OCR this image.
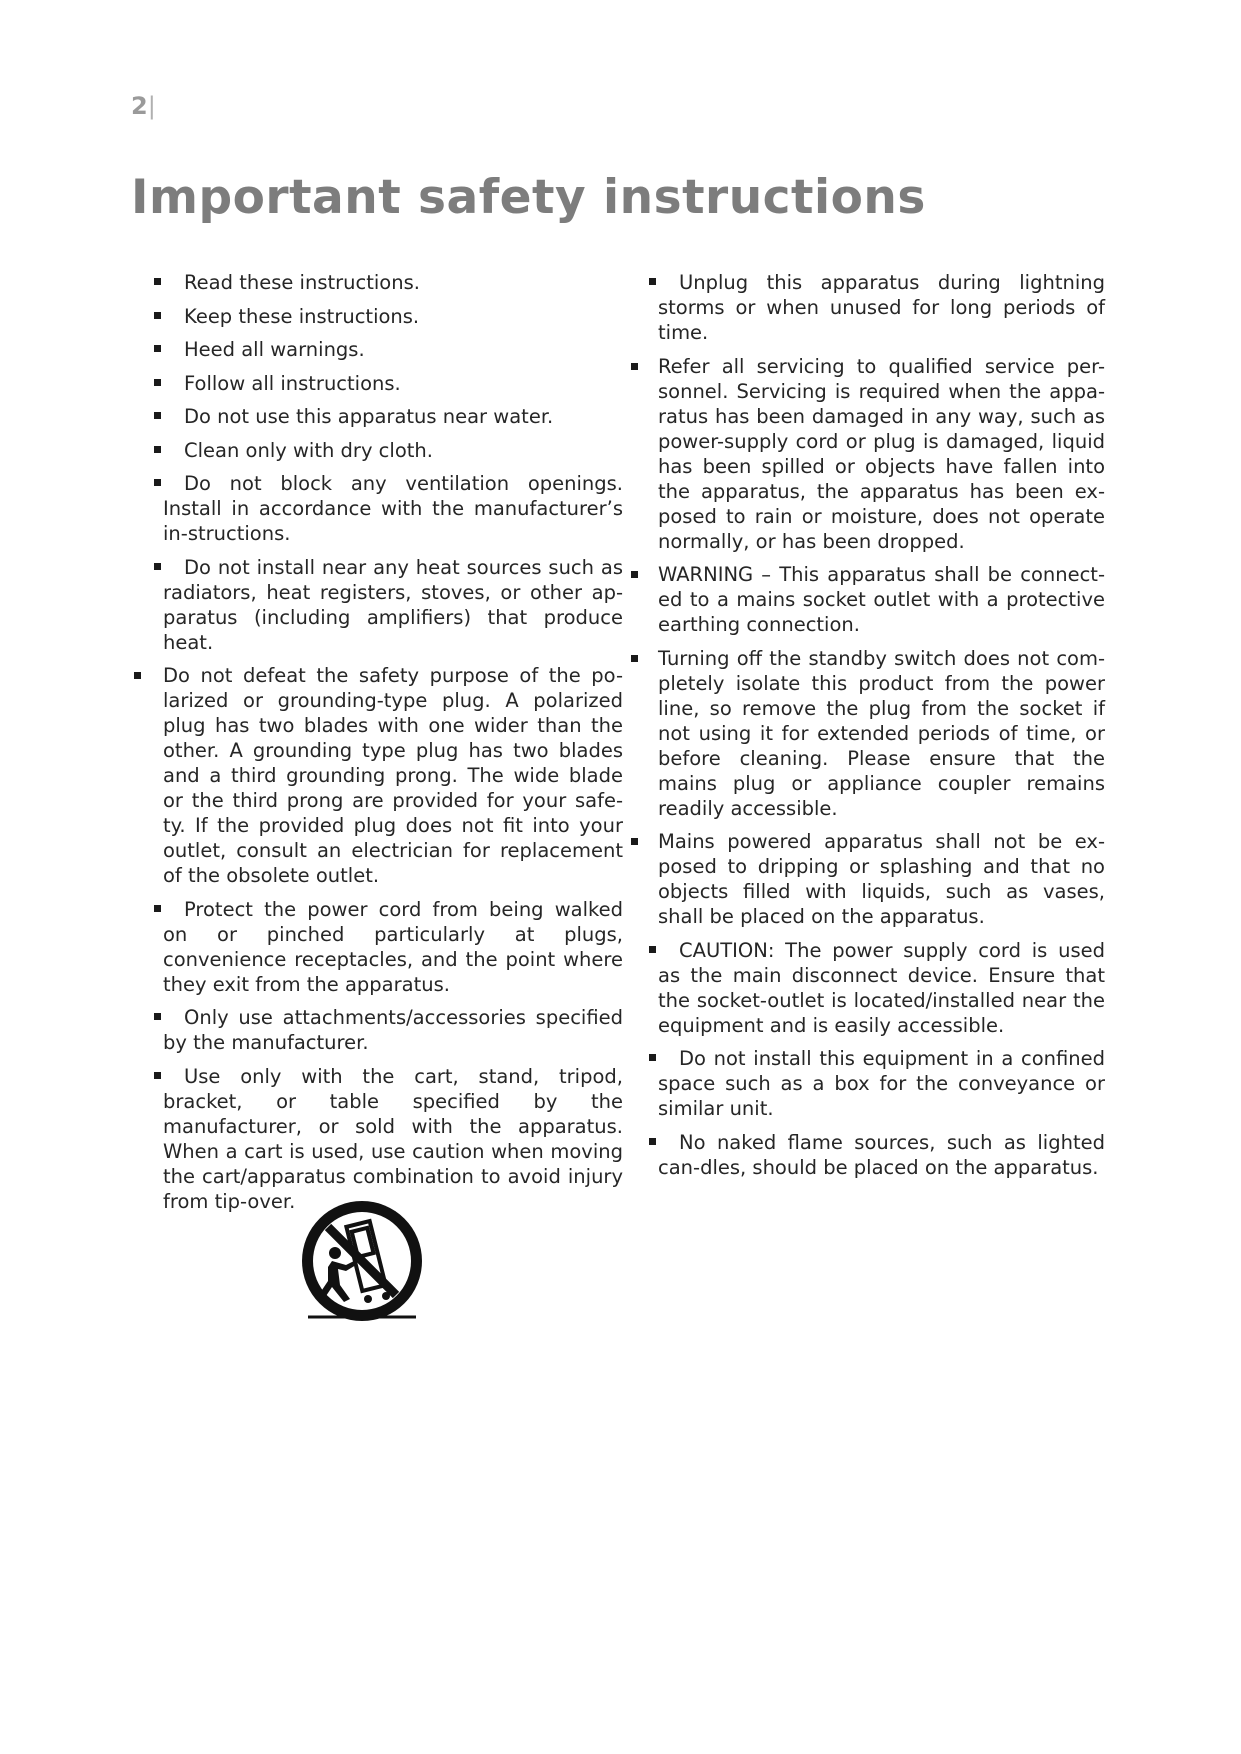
2|

Important safety instructions
Read these instructions.
Keep these instructions.
Heed all warnings.
Follow all instructions.
Do not use this apparatus near water.
Clean only with dry cloth.
Do not block any ventilation openings. Install in accordance with the manufacturer’s in-structions.
Do not install near any heat sources such as radiators, heat registers, stoves, or other ap-paratus (including amplifiers) that produce heat.
Do not defeat the safety purpose of the po-larized or grounding-type plug. A polarized plug has two blades with one wider than the other. A grounding type plug has two blades and a third grounding prong. The wide blade or the third prong are provided for your safe-ty. If the provided plug does not fit into your outlet, consult an electrician for replacement of the obsolete outlet.
Protect the power cord from being walked on or pinched particularly at plugs, convenience receptacles, and the point where they exit from the apparatus.
Only use attachments/accessories specified by the manufacturer.
Use only with the cart, stand, tripod, bracket, or table specified by the manufacturer, or sold with the apparatus. When a cart is used, use caution when moving the cart/apparatus combination to avoid injury from tip-over.
Unplug this apparatus during lightning storms or when unused for long periods of time.
Refer all servicing to qualified service per-sonnel. Servicing is required when the appa-ratus has been damaged in any way, such as power-supply cord or plug is damaged, liquid has been spilled or objects have fallen into the apparatus, the apparatus has been ex-posed to rain or moisture, does not operate normally, or has been dropped.
WARNING – This apparatus shall be connect-ed to a mains socket outlet with a protective earthing connection.
Turning off the standby switch does not com-pletely isolate this product from the power line, so remove the plug from the socket if not using it for extended periods of time, or before cleaning. Please ensure that the mains plug or appliance coupler remains readily accessible.
Mains powered apparatus shall not be ex-posed to dripping or splashing and that no objects filled with liquids, such as vases, shall be placed on the apparatus.
CAUTION: The power supply cord is used as the main disconnect device. Ensure that the socket-outlet is located/installed near the equipment and is easily accessible.
Do not install this equipment in a confined space such as a box for the conveyance or similar unit.
No naked flame sources, such as lighted can-dles, should be placed on the apparatus.
